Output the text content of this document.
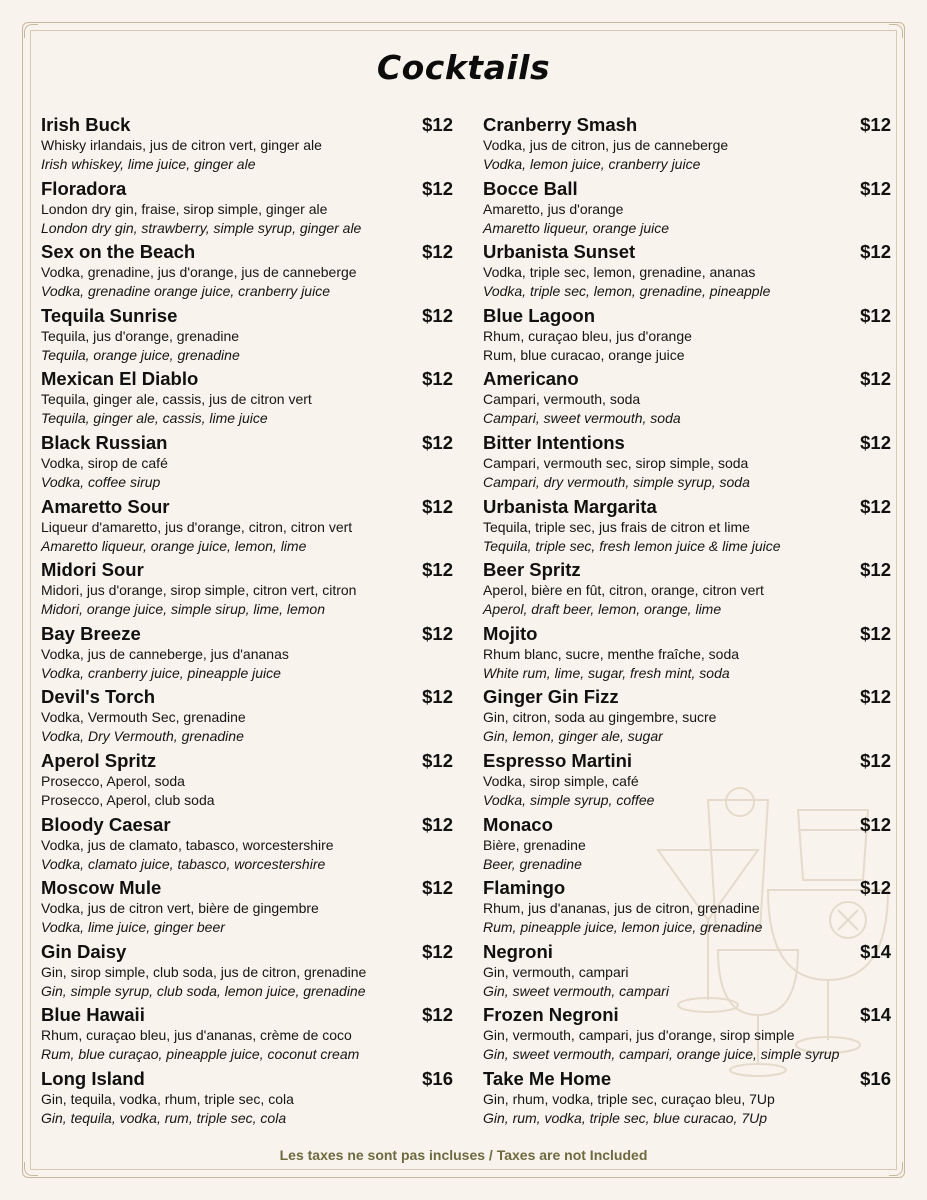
Cocktails
Irish Buck	$12
Whisky irlandais, jus de citron vert, ginger ale
Irish whiskey, lime juice, ginger ale
Floradora	$12
London dry gin, fraise, sirop simple, ginger ale
London dry gin, strawberry, simple syrup, ginger ale
Sex on the Beach	$12
Vodka, grenadine, jus d'orange, jus de canneberge
Vodka, grenadine orange juice, cranberry juice
Tequila Sunrise	$12
Tequila, jus d'orange, grenadine
Tequila, orange juice, grenadine
Mexican El Diablo	$12
Tequila, ginger ale, cassis, jus de citron vert
Tequila, ginger ale, cassis, lime juice
Black Russian	$12
Vodka, sirop de café
Vodka, coffee sirup
Amaretto Sour	$12
Liqueur d'amaretto, jus d'orange, citron, citron vert
Amaretto liqueur, orange juice, lemon, lime
Midori Sour	$12
Midori, jus d'orange, sirop simple, citron vert, citron
Midori, orange juice, simple sirup, lime, lemon
Bay Breeze	$12
Vodka, jus de canneberge, jus d'ananas
Vodka, cranberry juice, pineapple juice
Devil's Torch	$12
Vodka, Vermouth Sec, grenadine
Vodka, Dry Vermouth, grenadine
Aperol Spritz	$12
Prosecco, Aperol, soda
Prosecco, Aperol, club soda
Bloody Caesar	$12
Vodka, jus de clamato, tabasco, worcestershire
Vodka, clamato juice, tabasco, worcestershire
Moscow Mule	$12
Vodka, jus de citron vert, bière de gingembre
Vodka, lime juice, ginger beer
Gin Daisy	$12
Gin, sirop simple, club soda, jus de citron, grenadine
Gin, simple syrup, club soda, lemon juice, grenadine
Blue Hawaii	$12
Rhum, curaçao bleu, jus d'ananas, crème de coco
Rum, blue curaçao, pineapple juice, coconut cream
Long Island	$16
Gin, tequila, vodka, rhum, triple sec, cola
Gin, tequila, vodka, rum, triple sec, cola
Cranberry Smash	$12
Vodka, jus de citron, jus de canneberge
Vodka, lemon juice, cranberry juice
Bocce Ball	$12
Amaretto, jus d'orange
Amaretto liqueur, orange juice
Urbanista Sunset	$12
Vodka, triple sec, lemon, grenadine, ananas
Vodka, triple sec, lemon, grenadine, pineapple
Blue Lagoon	$12
Rhum, curaçao bleu, jus d'orange
Rum, blue curacao, orange juice
Americano	$12
Campari, vermouth, soda
Campari, sweet vermouth, soda
Bitter Intentions	$12
Campari, vermouth sec, sirop simple, soda
Campari, dry vermouth, simple syrup, soda
Urbanista Margarita	$12
Tequila, triple sec, jus frais de citron et lime
Tequila, triple sec, fresh lemon juice & lime juice
Beer Spritz	$12
Aperol, bière en fût, citron, orange, citron vert
Aperol, draft beer, lemon, orange, lime
Mojito	$12
Rhum blanc, sucre, menthe fraîche, soda
White rum, lime, sugar, fresh mint, soda
Ginger Gin Fizz	$12
Gin, citron, soda au gingembre, sucre
Gin, lemon, ginger ale, sugar
Espresso Martini	$12
Vodka, sirop simple, café
Vodka, simple syrup, coffee
Monaco	$12
Bière, grenadine
Beer, grenadine
Flamingo	$12
Rhum, jus d'ananas, jus de citron, grenadine
Rum, pineapple juice, lemon juice, grenadine
Negroni	$14
Gin, vermouth, campari
Gin, sweet vermouth, campari
Frozen Negroni	$14
Gin, vermouth, campari, jus d'orange, sirop simple
Gin, sweet vermouth, campari, orange juice, simple syrup
Take Me Home	$16
Gin, rhum, vodka, triple sec, curaçao bleu, 7Up
Gin, rum, vodka, triple sec, blue curacao, 7Up
Les taxes ne sont pas incluses / Taxes are not Included
